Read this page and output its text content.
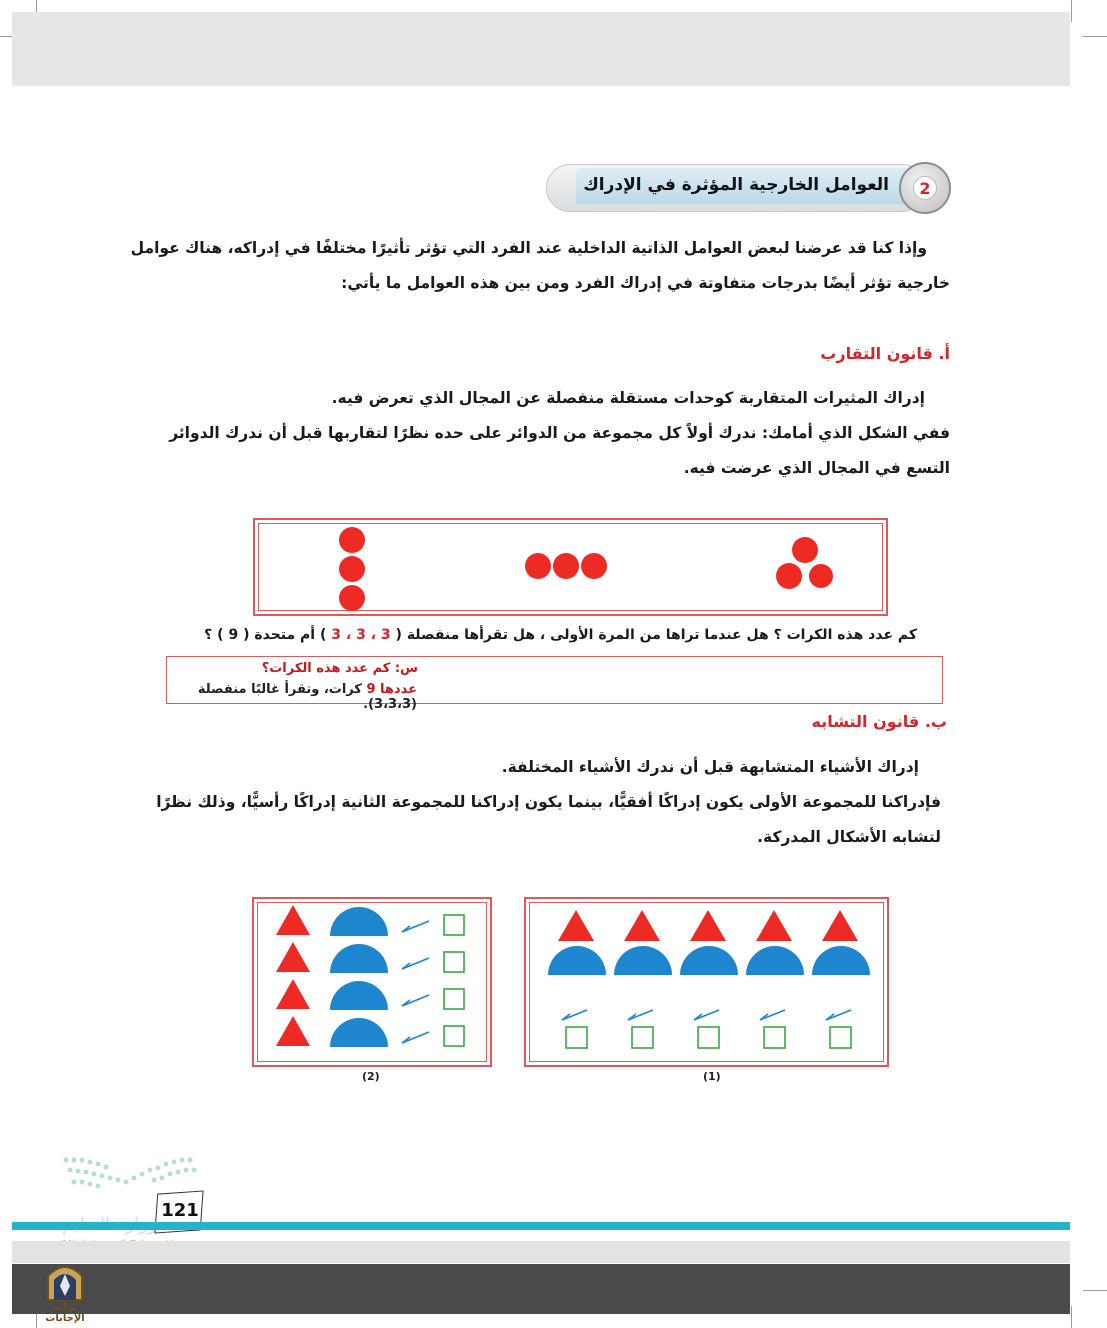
العوامل الخارجية المؤثرة في الإدراك	2
وإذا كنا قد عرضنا لبعض العوامل الذاتية الداخلية عند الفرد التي تؤثر تأثيرًا مختلفًا في إدراكه، هناك عوامل
خارجية تؤثر أيضًا بدرجات متفاوتة في إدراك الفرد ومن بين هذه العوامل ما يأتي:
أ. قانون التقارب
إدراك المثيرات المتقاربة كوحدات مستقلة منفصلة عن المجال الذي تعرض فيه.
ففي الشكل الذي أمامك: ندرك أولاً كل مجموعة من الدوائر على حده نظرًا لتقاربها قبل أن ندرك الدوائر
التسع في المجال الذي عرضت فيه.
كم عدد هذه الكرات ؟ هل عندما تراها من المرة الأولى ، هل تقرأها منفصلة ( 3 ، 3 ، 3 ) أم متحدة ( 9 ) ؟
س: كم عدد هذه الكرات؟
عددها 9 كرات، وتقرأ غالبًا منفصلة (3،3،3).
ب. قانون التشابه
إدراك الأشياء المتشابهة قبل أن ندرك الأشياء المختلفة.
فإدراكنا للمجموعة الأولى يكون إدراكًا أفقيًّا، بينما يكون إدراكنا للمجموعة الثانية إدراكًا رأسيًّا، وذلك نظرًا
لتشابه الأشكال المدركة.
(2)	(1)
121
بوابة الإجابات
